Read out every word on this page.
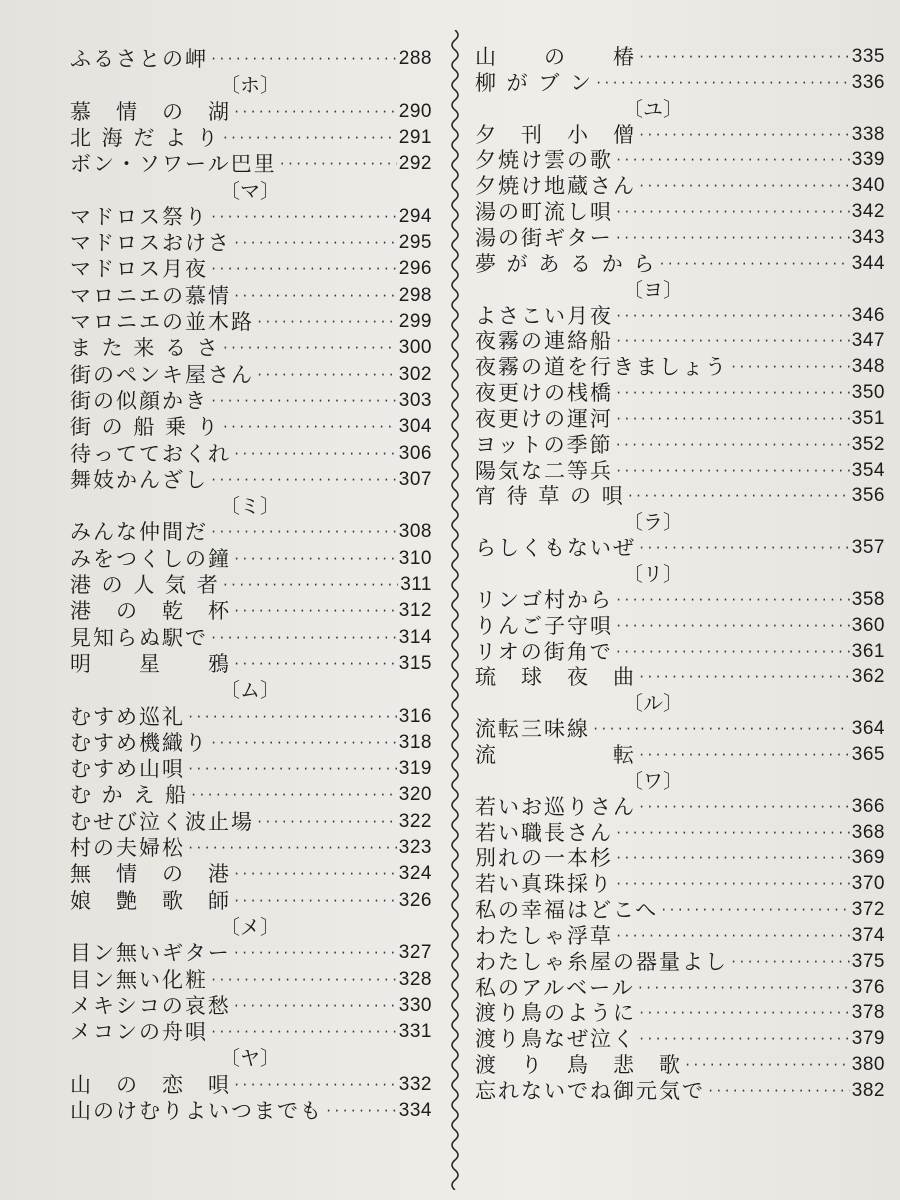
ふるさとの岬 ·····	288
〔ホ〕
慕　情　の　湖 ·····	290
北 海 だ よ り ·····	291
ボン・ソワール巴里 ·····	292
〔マ〕
マドロス祭り ·····	294
マドロスおけさ ·····	295
マドロス月夜 ·····	296
マロニエの慕情 ·····	298
マロニエの並木路 ·····	299
ま た 来 る さ ·····	300
街のペンキ屋さん ·····	302
街の似顔かき ·····	303
街 の 船 乗 り ·····	304
待ってておくれ ·····	306
舞妓かんざし ·····	307
〔ミ〕
みんな仲間だ ·····	308
みをつくしの鐘 ·····	310
港 の 人 気 者 ·····	311
港　の　乾　杯 ·····	312
見知らぬ駅で ·····	314
明　　星　　鴉 ·····	315
〔ム〕
むすめ巡礼 ·····	316
むすめ機織り ·····	318
むすめ山唄 ·····	319
む か え 船 ·····	320
むせび泣く波止場 ·····	322
村の夫婦松 ·····	323
無　情　の　港 ·····	324
娘　艶　歌　師 ·····	326
〔メ〕
目ン無いギター ·····	327
目ン無い化粧 ·····	328
メキシコの哀愁 ·····	330
メコンの舟唄 ·····	331
〔ヤ〕
山　の　恋　唄 ·····	332
山のけむりよいつまでも ·····	334
山　　の　　椿 ·····	335
柳 が ブ ン ·····	336
〔ユ〕
夕　刊　小　僧 ·····	338
夕焼け雲の歌 ·····	339
夕焼け地蔵さん ·····	340
湯の町流し唄 ·····	342
湯の街ギター ·····	343
夢 が あ る か ら ·····	344
〔ヨ〕
よさこい月夜 ·····	346
夜霧の連絡船 ·····	347
夜霧の道を行きましょう ·····	348
夜更けの桟橋 ·····	350
夜更けの運河 ·····	351
ヨットの季節 ·····	352
陽気な二等兵 ·····	354
宵 待 草 の 唄 ·····	356
〔ラ〕
らしくもないぜ ·····	357
〔リ〕
リンゴ村から ·····	358
りんご子守唄 ·····	360
リオの街角で ·····	361
琉　球　夜　曲 ·····	362
〔ル〕
流転三味線 ·····	364
流　　　　　転 ·····	365
〔ワ〕
若いお巡りさん ·····	366
若い職長さん ·····	368
別れの一本杉 ·····	369
若い真珠採り ·····	370
私の幸福はどこへ ·····	372
わたしゃ浮草 ·····	374
わたしゃ糸屋の器量よし ·····	375
私のアルベール ·····	376
渡り鳥のように ·····	378
渡り鳥なぜ泣く ·····	379
渡　り　鳥　悲　歌 ·····	380
忘れないでね御元気で ·····	382
